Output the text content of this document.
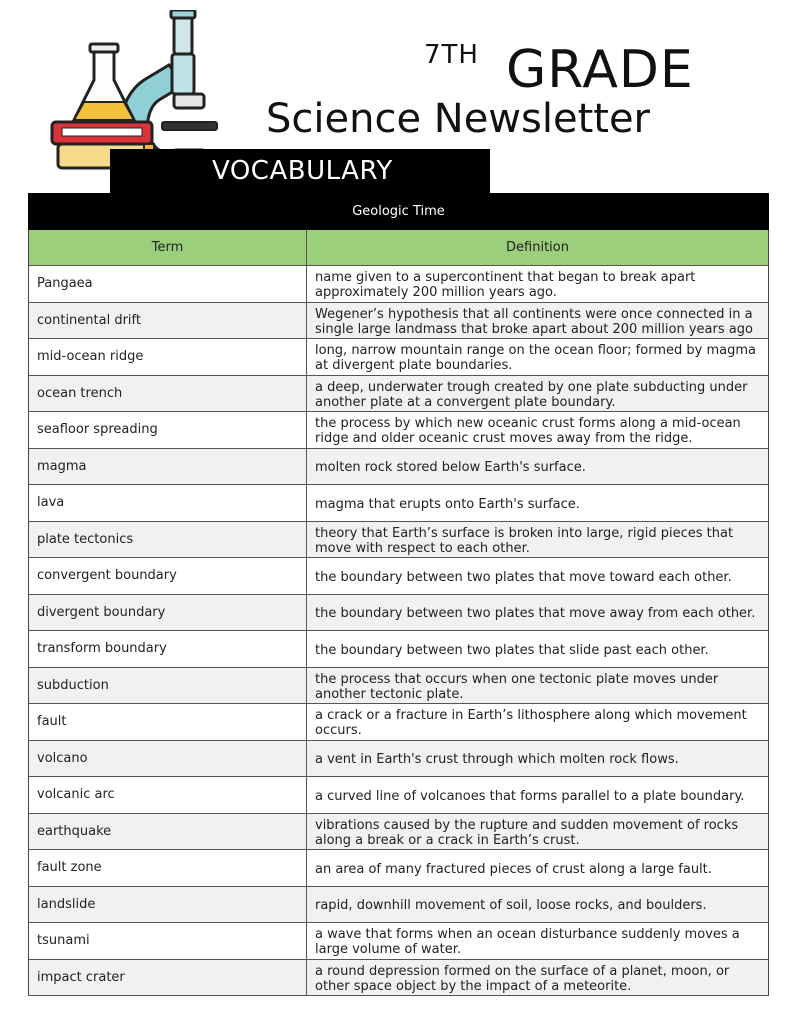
7TH GRADE
Science Newsletter
VOCABULARY
Geologic Time
Term	Definition
Pangaea	name given to a supercontinent that began to break apart approximately 200 million years ago.
continental drift	Wegener’s hypothesis that all continents were once connected in a single large landmass that broke apart about 200 million years ago
mid-ocean ridge	long, narrow mountain range on the ocean floor; formed by magma at divergent plate boundaries.
ocean trench	a deep, underwater trough created by one plate subducting under another plate at a convergent plate boundary.
seafloor spreading	the process by which new oceanic crust forms along a mid-ocean ridge and older oceanic crust moves away from the ridge.
magma	molten rock stored below Earth's surface.
lava	magma that erupts onto Earth's surface.
plate tectonics	theory that Earth’s surface is broken into large, rigid pieces that move with respect to each other.
convergent boundary	the boundary between two plates that move toward each other.
divergent boundary	the boundary between two plates that move away from each other.
transform boundary	the boundary between two plates that slide past each other.
subduction	the process that occurs when one tectonic plate moves under another tectonic plate.
fault	a crack or a fracture in Earth’s lithosphere along which movement occurs.
volcano	a vent in Earth's crust through which molten rock flows.
volcanic arc	a curved line of volcanoes that forms parallel to a plate boundary.
earthquake	vibrations caused by the rupture and sudden movement of rocks along a break or a crack in Earth’s crust.
fault zone	an area of many fractured pieces of crust along a large fault.
landslide	rapid, downhill movement of soil, loose rocks, and boulders.
tsunami	a wave that forms when an ocean disturbance suddenly moves a large volume of water.
impact crater	a round depression formed on the surface of a planet, moon, or other space object by the impact of a meteorite.
